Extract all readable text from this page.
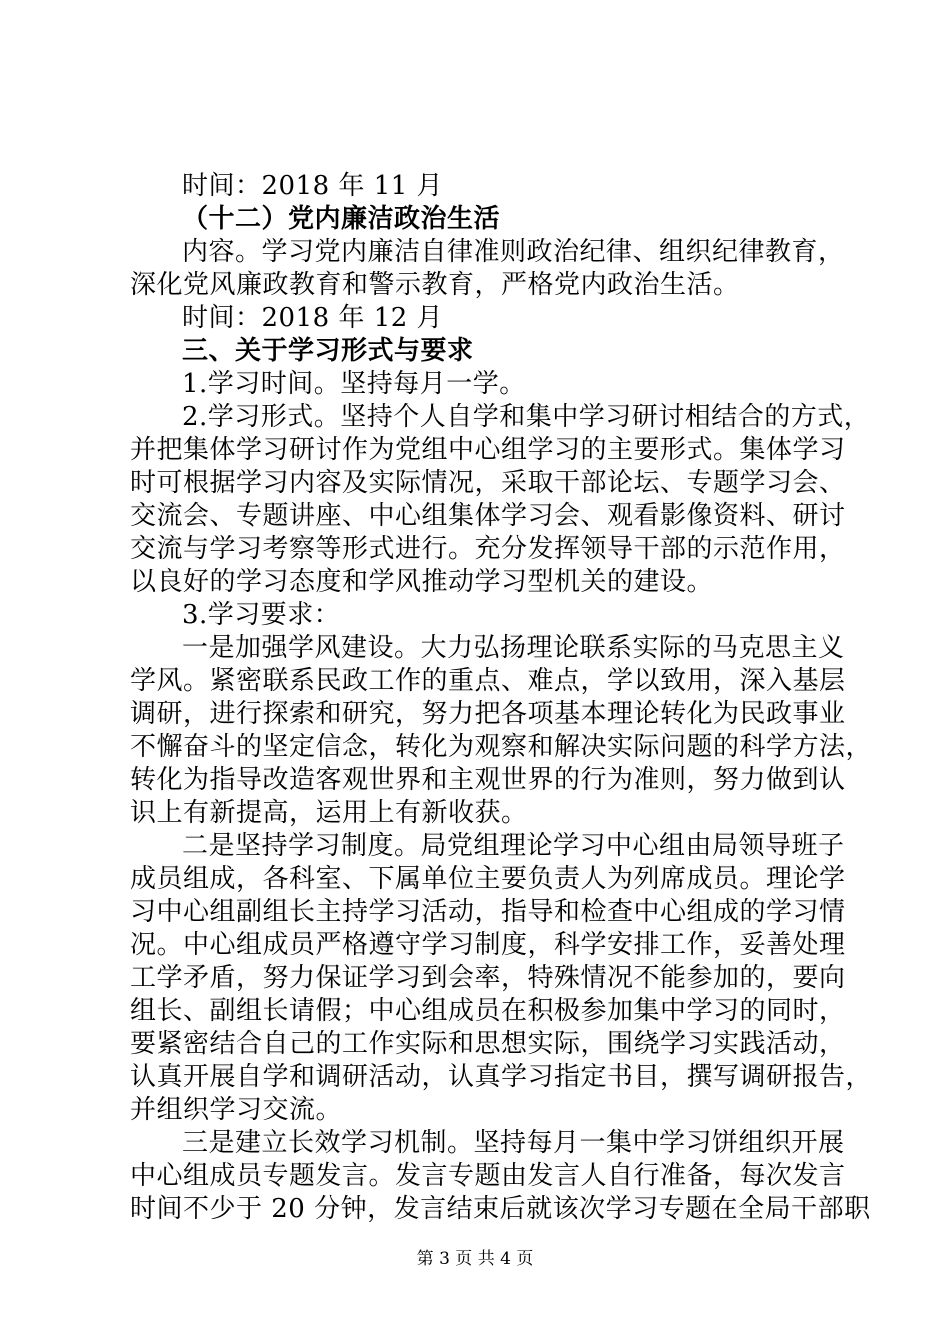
时间：2018 年 11 月
（十二）党内廉洁政治生活
内容。学习党内廉洁自律准则政治纪律、组织纪律教育，
深化党风廉政教育和警示教育，严格党内政治生活。
时间：2018 年 12 月
三、关于学习形式与要求
1.学习时间。坚持每月一学。
2.学习形式。坚持个人自学和集中学习研讨相结合的方式，
并把集体学习研讨作为党组中心组学习的主要形式。集体学习
时可根据学习内容及实际情况，采取干部论坛、专题学习会、
交流会、专题讲座、中心组集体学习会、观看影像资料、研讨
交流与学习考察等形式进行。充分发挥领导干部的示范作用，
以良好的学习态度和学风推动学习型机关的建设。
3.学习要求：
一是加强学风建设。大力弘扬理论联系实际的马克思主义
学风。紧密联系民政工作的重点、难点，学以致用，深入基层
调研，进行探索和研究，努力把各项基本理论转化为民政事业
不懈奋斗的坚定信念，转化为观察和解决实际问题的科学方法，
转化为指导改造客观世界和主观世界的行为准则，努力做到认
识上有新提高，运用上有新收获。
二是坚持学习制度。局党组理论学习中心组由局领导班子
成员组成，各科室、下属单位主要负责人为列席成员。理论学
习中心组副组长主持学习活动，指导和检查中心组成的学习情
况。中心组成员严格遵守学习制度，科学安排工作，妥善处理
工学矛盾，努力保证学习到会率，特殊情况不能参加的，要向
组长、副组长请假；中心组成员在积极参加集中学习的同时，
要紧密结合自己的工作实际和思想实际，围绕学习实践活动，
认真开展自学和调研活动，认真学习指定书目，撰写调研报告，
并组织学习交流。
三是建立长效学习机制。坚持每月一集中学习饼组织开展
中心组成员专题发言。发言专题由发言人自行准备，每次发言
时间不少于 20 分钟，发言结束后就该次学习专题在全局干部职
第 3 页 共 4 页
